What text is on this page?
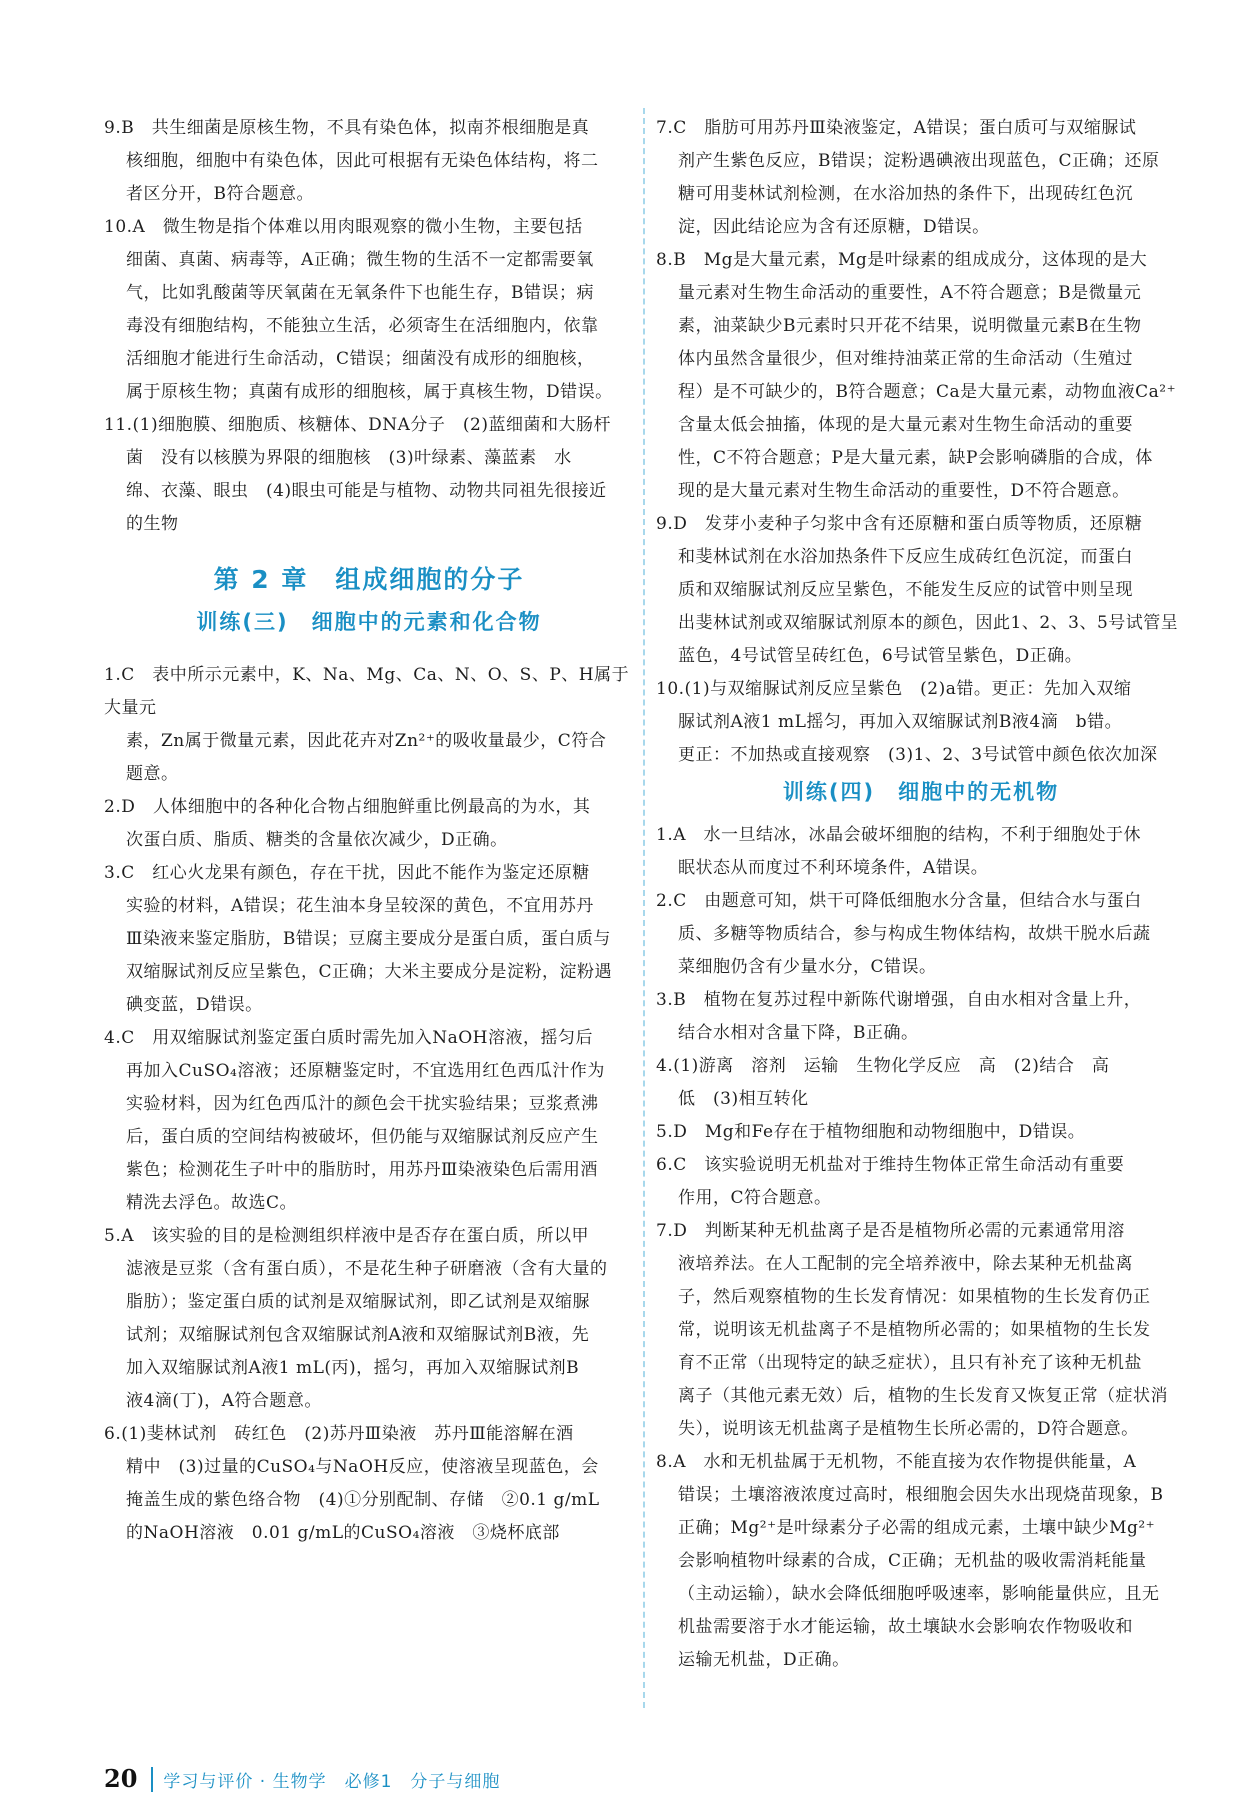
9.B　共生细菌是原核生物，不具有染色体，拟南芥根细胞是真

核细胞，细胞中有染色体，因此可根据有无染色体结构，将二

者区分开，B符合题意。

10.A　微生物是指个体难以用肉眼观察的微小生物，主要包括

细菌、真菌、病毒等，A正确；微生物的生活不一定都需要氧

气，比如乳酸菌等厌氧菌在无氧条件下也能生存，B错误；病

毒没有细胞结构，不能独立生活，必须寄生在活细胞内，依靠

活细胞才能进行生命活动，C错误；细菌没有成形的细胞核，

属于原核生物；真菌有成形的细胞核，属于真核生物，D错误。

11.(1)细胞膜、细胞质、核糖体、DNA分子　(2)蓝细菌和大肠杆

菌　没有以核膜为界限的细胞核　(3)叶绿素、藻蓝素　水

绵、衣藻、眼虫　(4)眼虫可能是与植物、动物共同祖先很接近

的生物

第 2 章　组成细胞的分子
训练(三)　细胞中的元素和化合物

1.C　表中所示元素中，K、Na、Mg、Ca、N、O、S、P、H属于大量元

素，Zn属于微量元素，因此花卉对Zn²⁺的吸收量最少，C符合

题意。

2.D　人体细胞中的各种化合物占细胞鲜重比例最高的为水，其

次蛋白质、脂质、糖类的含量依次减少，D正确。

3.C　红心火龙果有颜色，存在干扰，因此不能作为鉴定还原糖

实验的材料，A错误；花生油本身呈较深的黄色，不宜用苏丹

Ⅲ染液来鉴定脂肪，B错误；豆腐主要成分是蛋白质，蛋白质与

双缩脲试剂反应呈紫色，C正确；大米主要成分是淀粉，淀粉遇

碘变蓝，D错误。

4.C　用双缩脲试剂鉴定蛋白质时需先加入NaOH溶液，摇匀后

再加入CuSO₄溶液；还原糖鉴定时，不宜选用红色西瓜汁作为

实验材料，因为红色西瓜汁的颜色会干扰实验结果；豆浆煮沸

后，蛋白质的空间结构被破坏，但仍能与双缩脲试剂反应产生

紫色；检测花生子叶中的脂肪时，用苏丹Ⅲ染液染色后需用酒

精洗去浮色。故选C。

5.A　该实验的目的是检测组织样液中是否存在蛋白质，所以甲

滤液是豆浆（含有蛋白质），不是花生种子研磨液（含有大量的

脂肪）；鉴定蛋白质的试剂是双缩脲试剂，即乙试剂是双缩脲

试剂；双缩脲试剂包含双缩脲试剂A液和双缩脲试剂B液，先

加入双缩脲试剂A液1 mL(丙)，摇匀，再加入双缩脲试剂B

液4滴(丁)，A符合题意。

6.(1)斐林试剂　砖红色　(2)苏丹Ⅲ染液　苏丹Ⅲ能溶解在酒

精中　(3)过量的CuSO₄与NaOH反应，使溶液呈现蓝色，会

掩盖生成的紫色络合物　(4)①分别配制、存储　②0.1 g/mL

的NaOH溶液　0.01 g/mL的CuSO₄溶液　③烧杯底部

7.C　脂肪可用苏丹Ⅲ染液鉴定，A错误；蛋白质可与双缩脲试

剂产生紫色反应，B错误；淀粉遇碘液出现蓝色，C正确；还原

糖可用斐林试剂检测，在水浴加热的条件下，出现砖红色沉

淀，因此结论应为含有还原糖，D错误。

8.B　Mg是大量元素，Mg是叶绿素的组成成分，这体现的是大

量元素对生物生命活动的重要性，A不符合题意；B是微量元

素，油菜缺少B元素时只开花不结果，说明微量元素B在生物

体内虽然含量很少，但对维持油菜正常的生命活动（生殖过

程）是不可缺少的，B符合题意；Ca是大量元素，动物血液Ca²⁺

含量太低会抽搐，体现的是大量元素对生物生命活动的重要

性，C不符合题意；P是大量元素，缺P会影响磷脂的合成，体

现的是大量元素对生物生命活动的重要性，D不符合题意。

9.D　发芽小麦种子匀浆中含有还原糖和蛋白质等物质，还原糖

和斐林试剂在水浴加热条件下反应生成砖红色沉淀，而蛋白

质和双缩脲试剂反应呈紫色，不能发生反应的试管中则呈现

出斐林试剂或双缩脲试剂原本的颜色，因此1、2、3、5号试管呈

蓝色，4号试管呈砖红色，6号试管呈紫色，D正确。

10.(1)与双缩脲试剂反应呈紫色　(2)a错。更正：先加入双缩

脲试剂A液1 mL摇匀，再加入双缩脲试剂B液4滴　b错。

更正：不加热或直接观察　(3)1、2、3号试管中颜色依次加深

训练(四)　细胞中的无机物

1.A　水一旦结冰，冰晶会破坏细胞的结构，不利于细胞处于休

眠状态从而度过不利环境条件，A错误。

2.C　由题意可知，烘干可降低细胞水分含量，但结合水与蛋白

质、多糖等物质结合，参与构成生物体结构，故烘干脱水后蔬

菜细胞仍含有少量水分，C错误。

3.B　植物在复苏过程中新陈代谢增强，自由水相对含量上升，

结合水相对含量下降，B正确。

4.(1)游离　溶剂　运输　生物化学反应　高　(2)结合　高

低　(3)相互转化

5.D　Mg和Fe存在于植物细胞和动物细胞中，D错误。

6.C　该实验说明无机盐对于维持生物体正常生命活动有重要

作用，C符合题意。

7.D　判断某种无机盐离子是否是植物所必需的元素通常用溶

液培养法。在人工配制的完全培养液中，除去某种无机盐离

子，然后观察植物的生长发育情况：如果植物的生长发育仍正

常，说明该无机盐离子不是植物所必需的；如果植物的生长发

育不正常（出现特定的缺乏症状），且只有补充了该种无机盐

离子（其他元素无效）后，植物的生长发育又恢复正常（症状消

失），说明该无机盐离子是植物生长所必需的，D符合题意。

8.A　水和无机盐属于无机物，不能直接为农作物提供能量，A

错误；土壤溶液浓度过高时，根细胞会因失水出现烧苗现象，B

正确；Mg²⁺是叶绿素分子必需的组成元素，土壤中缺少Mg²⁺

会影响植物叶绿素的合成，C正确；无机盐的吸收需消耗能量

（主动运输），缺水会降低细胞呼吸速率，影响能量供应，且无

机盐需要溶于水才能运输，故土壤缺水会影响农作物吸收和

运输无机盐，D正确。

20	学习与评价 · 生物学　必修1　分子与细胞
